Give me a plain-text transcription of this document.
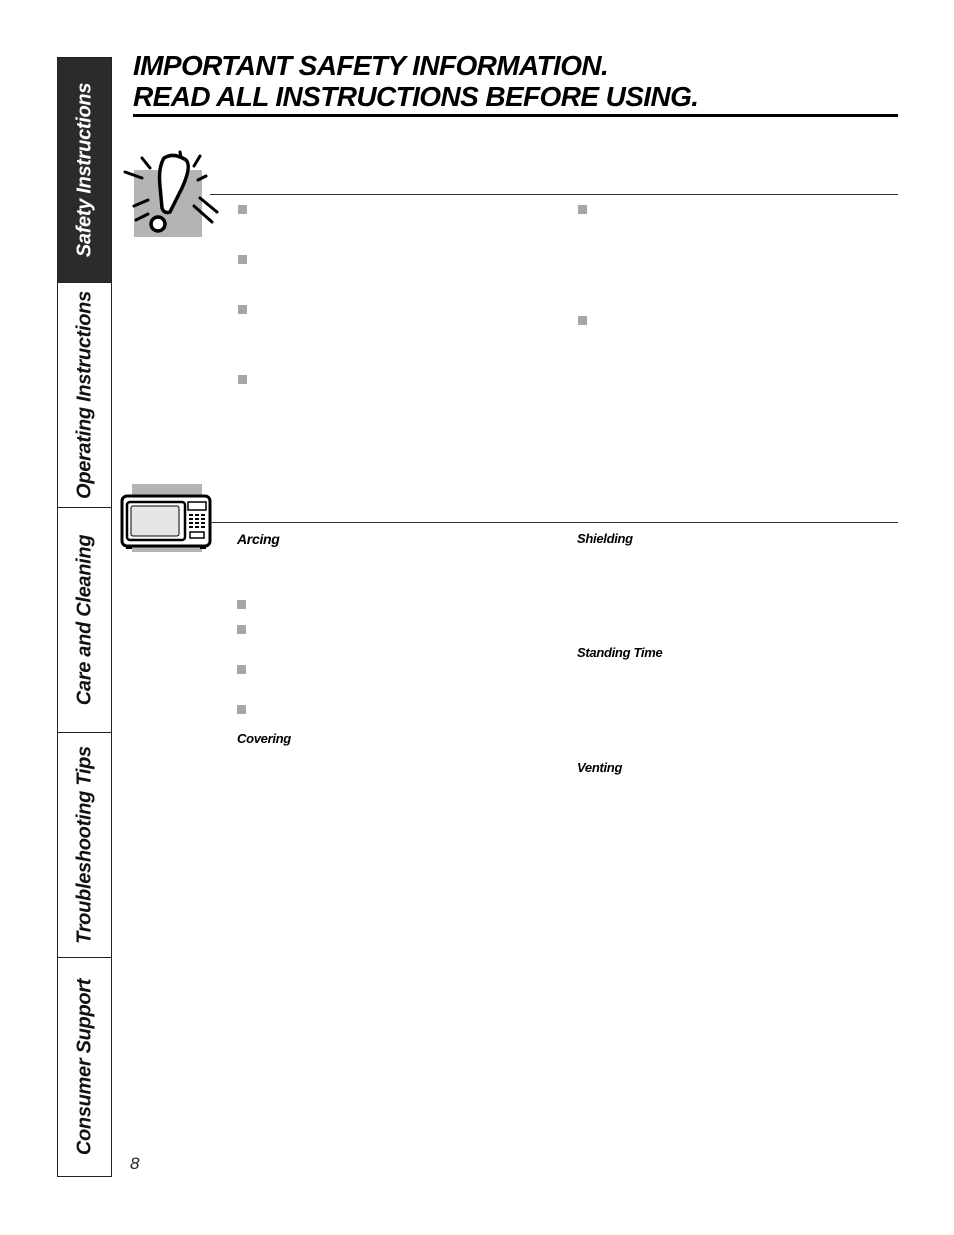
Safety Instructions
Operating Instructions
Care and Cleaning
Troubleshooting Tips
Consumer Support
IMPORTANT SAFETY INFORMATION.
READ ALL INSTRUCTIONS BEFORE USING.
Arcing
Covering
Shielding
Standing Time
Venting
8
